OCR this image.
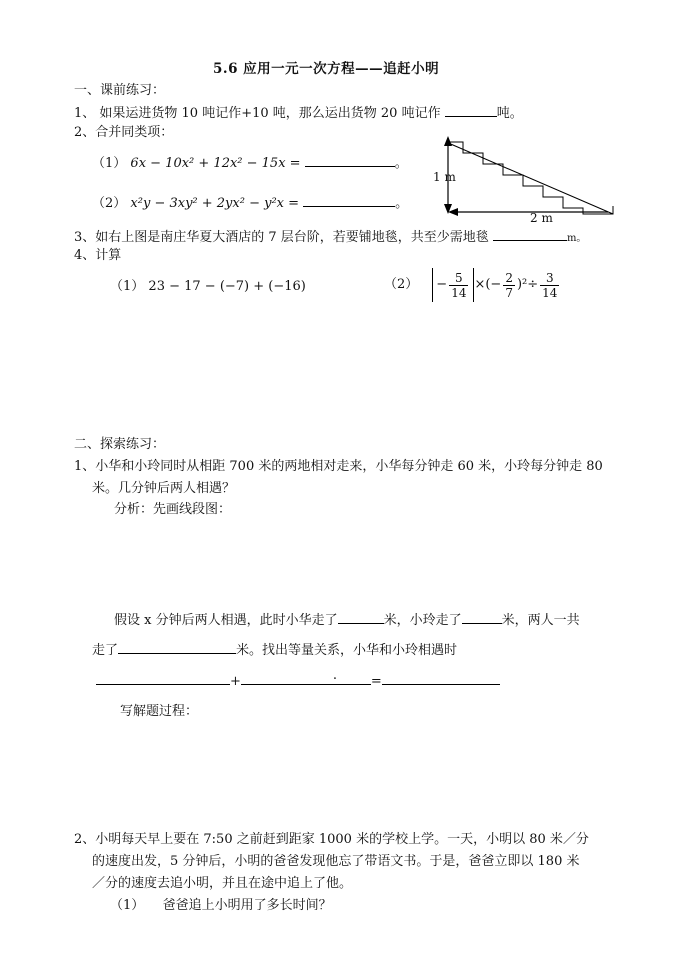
5.6 应用一元一次方程——追赶小明
一、课前练习：
1、 如果运进货物 10 吨记作+10 吨，那么运出货物 20 吨记作	吨。
2、合并同类项：
（1） 6x − 10x² + 12x² − 15x =	。
（2） x²y − 3xy² + 2yx² − y²x =	。
1 m
2 m
3、如右上图是南庄华夏大酒店的 7 层台阶，若要铺地毯，共至少需地毯	m。
4、计算
（1） 23 − 17 − (−7) + (−16)	$(2) - \frac{5}{14}$ ×(− $\frac{2}{7} )^2\div \frac{3}{14}$
二、探索练习：
1、小华和小玲同时从相距 700 米的两地相对走来，小华每分钟走 60 米，小玲每分钟走 80
米。几分钟后两人相遇？
分析：先画线段图：
假设 x 分钟后两人相遇，此时小华走了	米，小玲走了	米，两人一共
走了	米。找出等量关系，小华和小玲相遇时
+	.	=
写解题过程：
2、小明每天早上要在 7:50 之前赶到距家 1000 米的学校上学。一天，小明以 80 米／分
的速度出发，5 分钟后，小明的爸爸发现他忘了带语文书。于是，爸爸立即以 180 米
／分的速度去追小明，并且在途中追上了他。
（1） 爸爸追上小明用了多长时间？
